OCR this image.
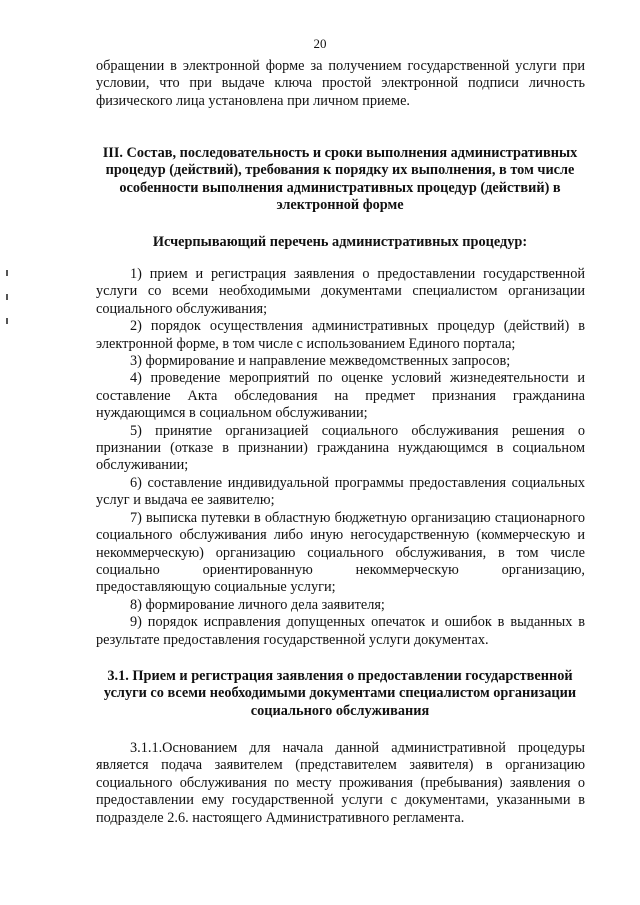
20
обращении в электронной форме за получением государственной услуги при условии, что при выдаче ключа простой электронной подписи личность физического лица установлена при личном приеме.
III. Состав, последовательность и сроки выполнения административных процедур (действий), требования к порядку их выполнения, в том числе особенности выполнения административных процедур (действий) в электронной форме
Исчерпывающий перечень административных процедур:

1) прием и регистрация заявления о предоставлении государственной услуги со всеми необходимыми документами специалистом организации социального обслуживания;

2) порядок осуществления административных процедур (действий) в электронной форме, в том числе с использованием Единого портала;

3) формирование и направление межведомственных запросов;

4) проведение мероприятий по оценке условий жизнедеятельности и составление Акта обследования на предмет признания гражданина нуждающимся в социальном обслуживании;

5) принятие организацией социального обслуживания решения о признании (отказе в признании) гражданина нуждающимся в социальном обслуживании;

6) составление индивидуальной программы предоставления социальных услуг и выдача ее заявителю;

7) выписка путевки в областную бюджетную организацию стационарного социального обслуживания либо иную негосударственную (коммерческую и некоммерческую) организацию социального обслуживания, в том числе социально ориентированную некоммерческую организацию, предоставляющую социальные услуги;

8) формирование личного дела заявителя;

9) порядок исправления допущенных опечаток и ошибок в выданных в результате предоставления государственной услуги документах.

3.1. Прием и регистрация заявления о предоставлении государственной услуги со всеми необходимыми документами специалистом организации социального обслуживания

3.1.1.Основанием для начала данной административной процедуры является подача заявителем (представителем заявителя) в организацию социального обслуживания по месту проживания (пребывания) заявления о предоставлении ему государственной услуги с документами, указанными в подразделе 2.6. настоящего Административного регламента.
